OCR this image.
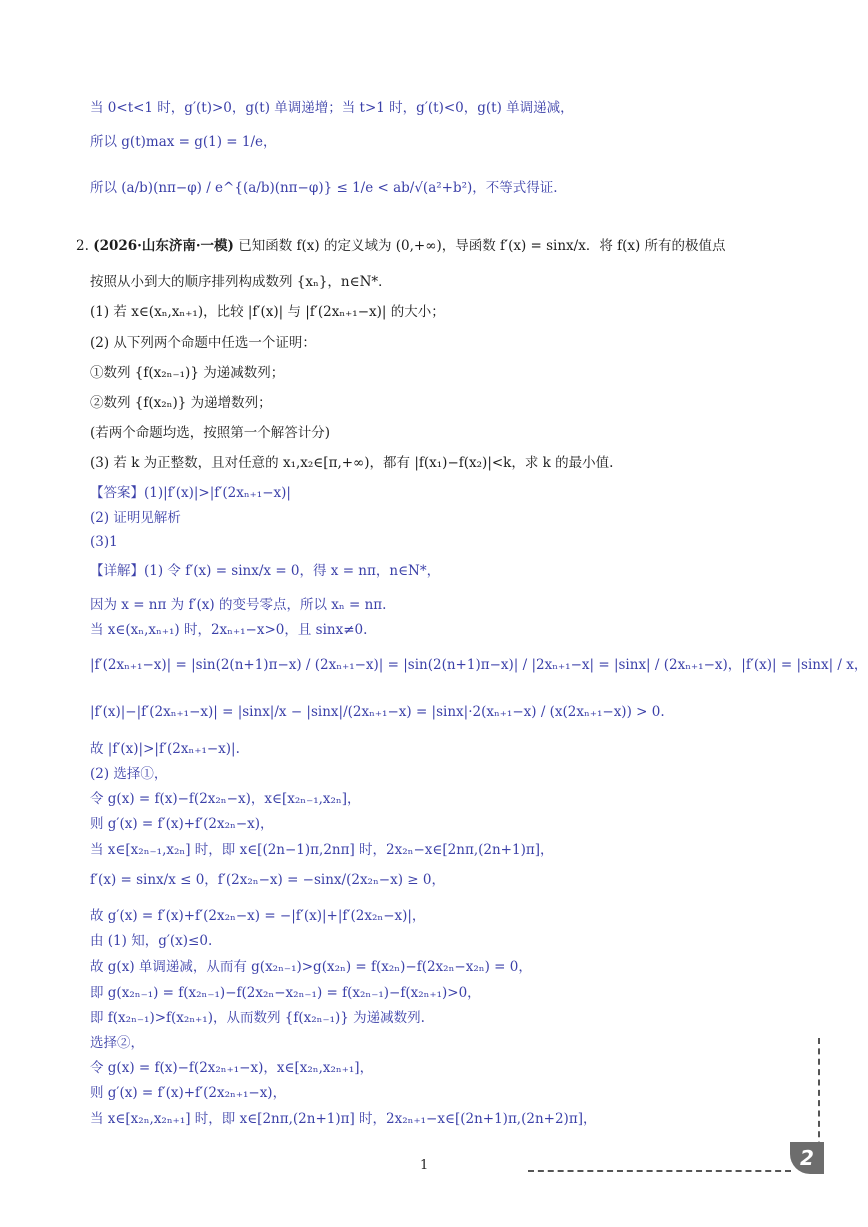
当 0<t<1 时，g′(t)>0，g(t) 单调递增；当 t>1 时，g′(t)<0，g(t) 单调递减，
所以 g(t)max = g(1) = 1/e，
所以 (a/b)(nπ−φ) / e^{(a/b)(nπ−φ)} ≤ 1/e < ab/√(a²+b²)，不等式得证.
2. (2026·山东济南·一模) 已知函数 f(x) 的定义域为 (0,+∞)，导函数 f′(x) = sinx/x．将 f(x) 所有的极值点
按照从小到大的顺序排列构成数列 {xₙ}，n∈N*．
(1) 若 x∈(xₙ,xₙ₊₁)，比较 |f′(x)| 与 |f′(2xₙ₊₁−x)| 的大小；
(2) 从下列两个命题中任选一个证明：
①数列 {f(x₂ₙ₋₁)} 为递减数列；
②数列 {f(x₂ₙ)} 为递增数列；
(若两个命题均选，按照第一个解答计分)
(3) 若 k 为正整数，且对任意的 x₁,x₂∈[π,+∞)，都有 |f(x₁)−f(x₂)|<k，求 k 的最小值.
【答案】(1)|f′(x)|>|f′(2xₙ₊₁−x)|
(2) 证明见解析
(3)1
【详解】(1) 令 f′(x) = sinx/x = 0，得 x = nπ，n∈N*，
因为 x = nπ 为 f′(x) 的变号零点，所以 xₙ = nπ.
当 x∈(xₙ,xₙ₊₁) 时，2xₙ₊₁−x>0，且 sinx≠0.
|f′(2xₙ₊₁−x)| = |sin(2(n+1)π−x) / (2xₙ₊₁−x)| = |sin(2(n+1)π−x)| / |2xₙ₊₁−x| = |sinx| / (2xₙ₊₁−x)，|f′(x)| = |sinx| / x，
|f′(x)|−|f′(2xₙ₊₁−x)| = |sinx|/x − |sinx|/(2xₙ₊₁−x) = |sinx|·2(xₙ₊₁−x) / (x(2xₙ₊₁−x)) > 0.
故 |f′(x)|>|f′(2xₙ₊₁−x)|.
(2) 选择①，
令 g(x) = f(x)−f(2x₂ₙ−x)，x∈[x₂ₙ₋₁,x₂ₙ]，
则 g′(x) = f′(x)+f′(2x₂ₙ−x)，
当 x∈[x₂ₙ₋₁,x₂ₙ] 时，即 x∈[(2n−1)π,2nπ] 时，2x₂ₙ−x∈[2nπ,(2n+1)π]，
f′(x) = sinx/x ≤ 0，f′(2x₂ₙ−x) = −sinx/(2x₂ₙ−x) ≥ 0，
故 g′(x) = f′(x)+f′(2x₂ₙ−x) = −|f′(x)|+|f′(2x₂ₙ−x)|，
由 (1) 知，g′(x)≤0.
故 g(x) 单调递减，从而有 g(x₂ₙ₋₁)>g(x₂ₙ) = f(x₂ₙ)−f(2x₂ₙ−x₂ₙ) = 0，
即 g(x₂ₙ₋₁) = f(x₂ₙ₋₁)−f(2x₂ₙ−x₂ₙ₋₁) = f(x₂ₙ₋₁)−f(x₂ₙ₊₁)>0，
即 f(x₂ₙ₋₁)>f(x₂ₙ₊₁)，从而数列 {f(x₂ₙ₋₁)} 为递减数列.
选择②，
令 g(x) = f(x)−f(2x₂ₙ₊₁−x)，x∈[x₂ₙ,x₂ₙ₊₁]，
则 g′(x) = f′(x)+f′(2x₂ₙ₊₁−x)，
当 x∈[x₂ₙ,x₂ₙ₊₁] 时，即 x∈[2nπ,(2n+1)π] 时，2x₂ₙ₊₁−x∈[(2n+1)π,(2n+2)π]，
1	2
